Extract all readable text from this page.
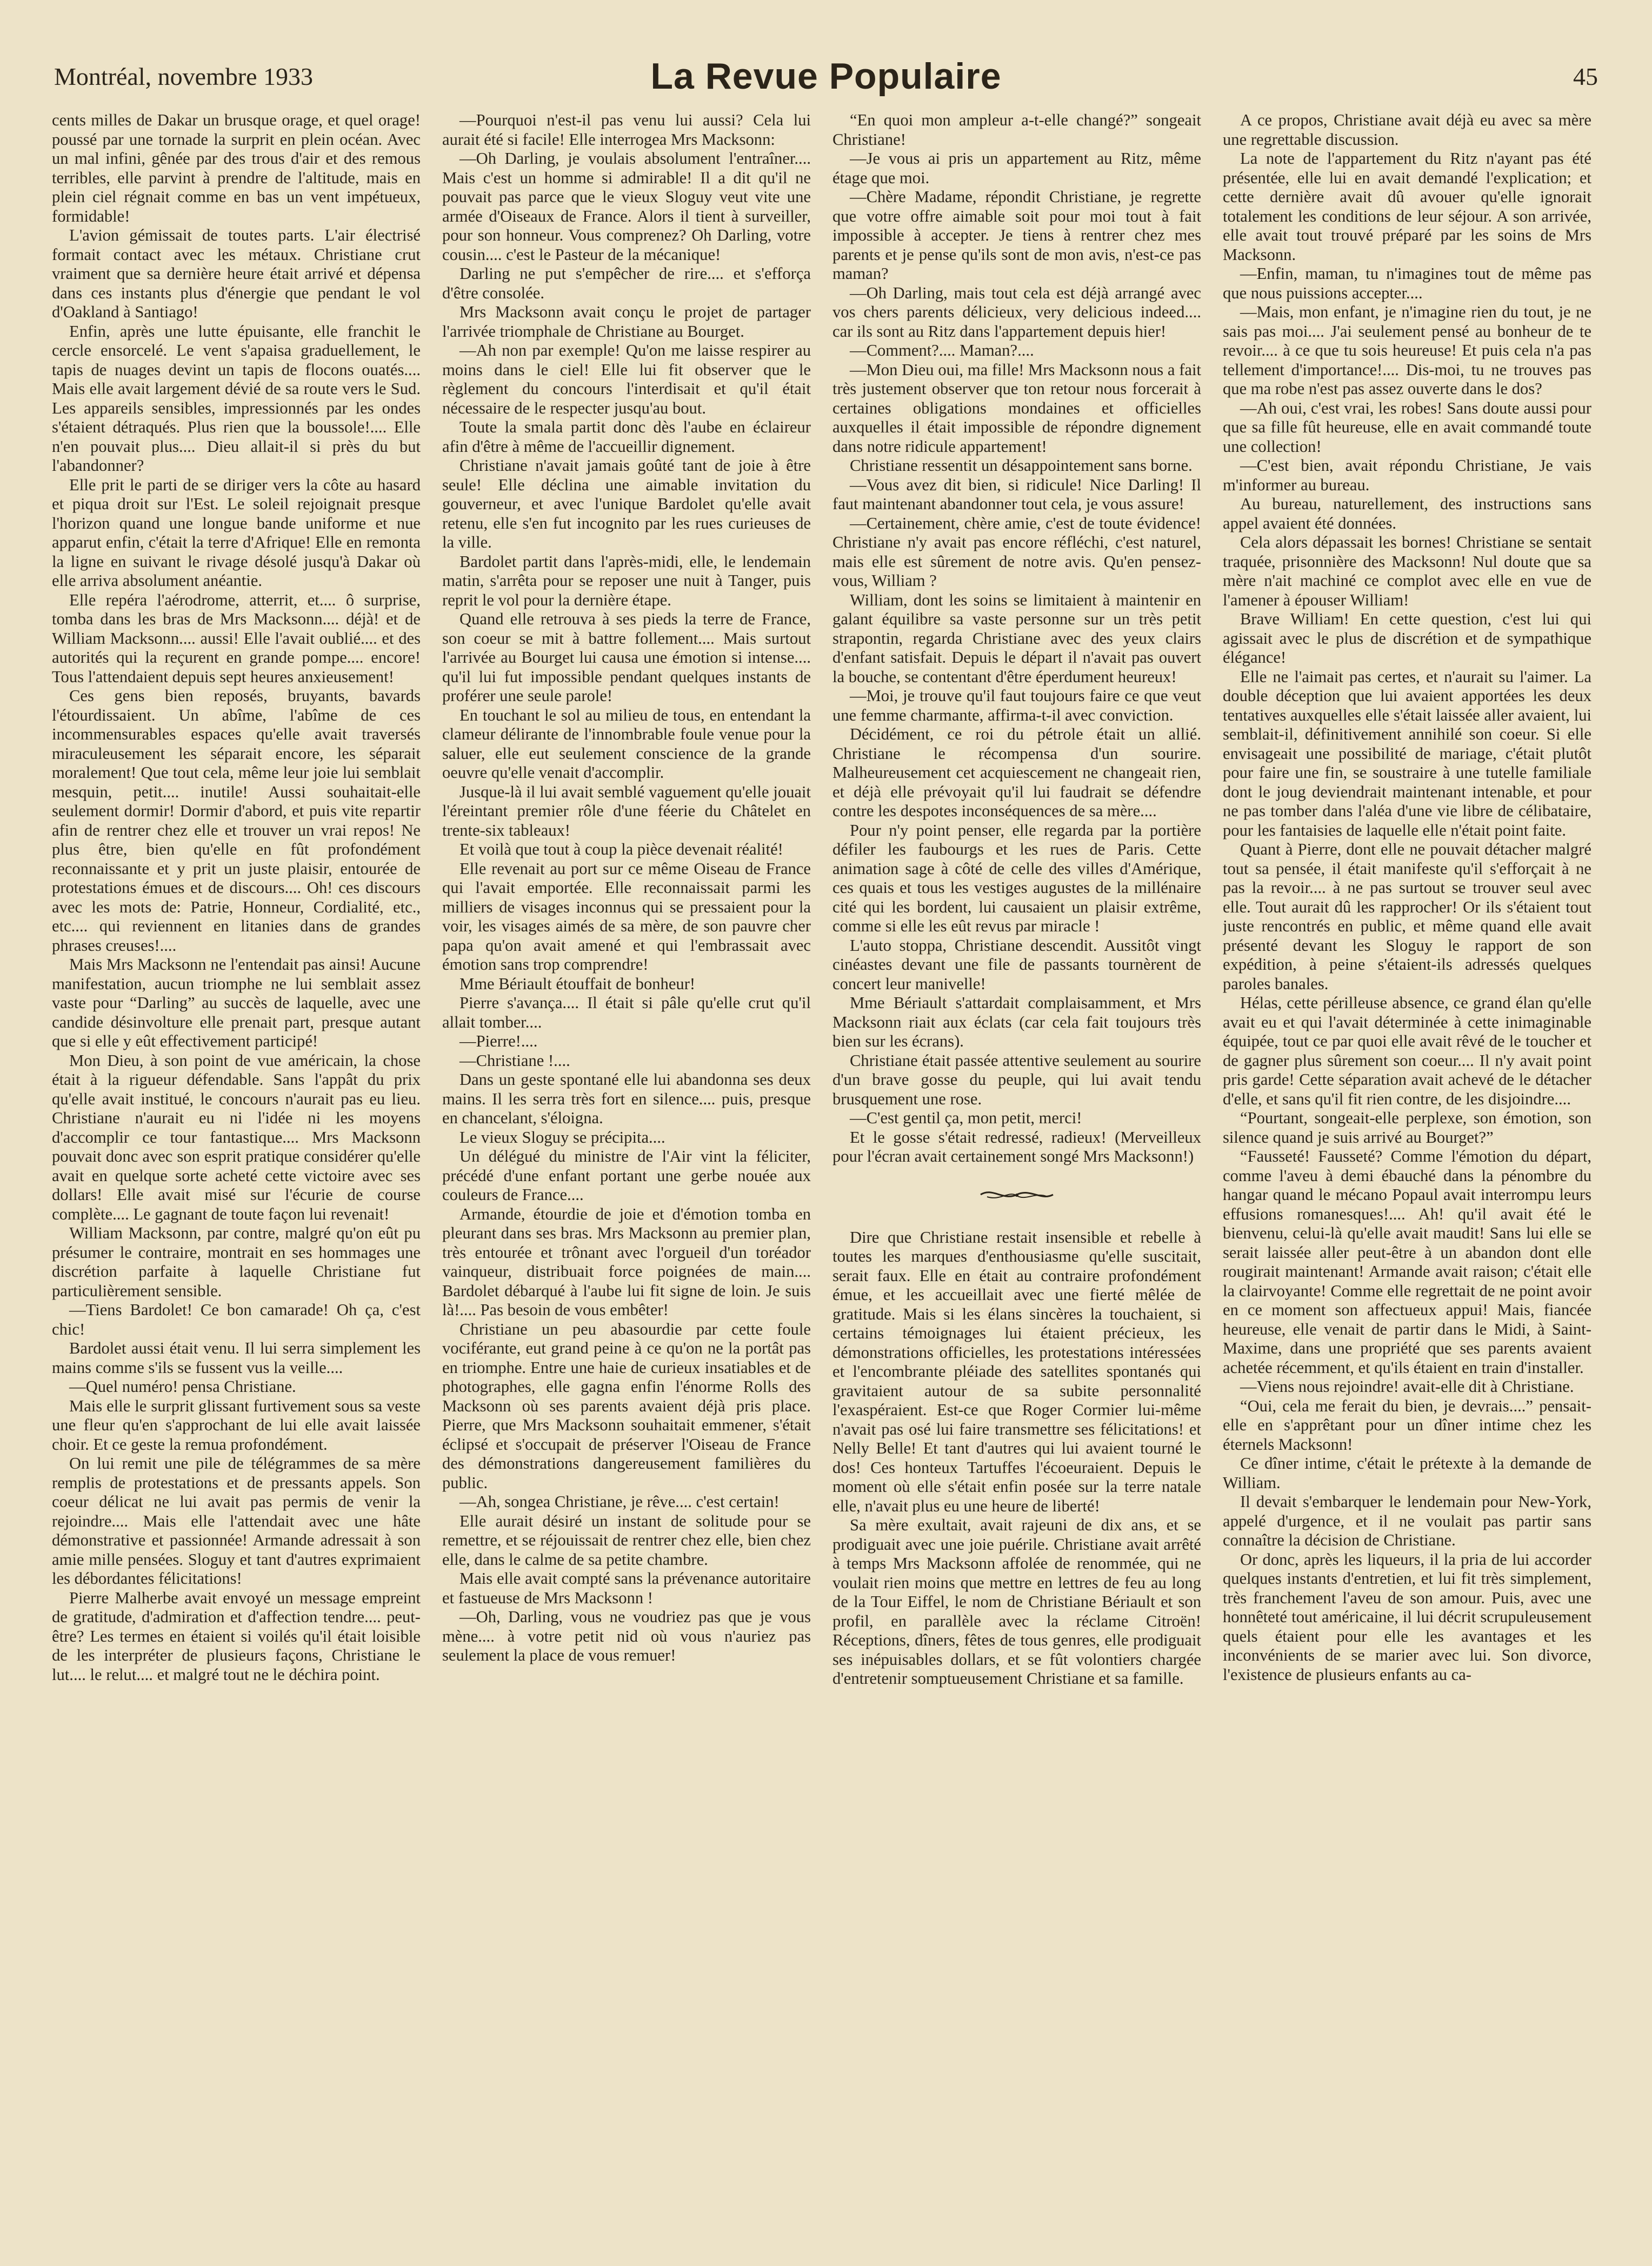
Montréal, novembre 1933	La Revue Populaire	45

cents milles de Dakar un brusque orage, et quel orage! poussé par une tornade la surprit en plein océan. Avec un mal infini, gênée par des trous d'air et des remous terribles, elle parvint à prendre de l'altitude, mais en plein ciel régnait comme en bas un vent impétueux, formidable!

L'avion gémissait de toutes parts. L'air électrisé formait contact avec les métaux. Christiane crut vraiment que sa dernière heure était arrivé et dépensa dans ces instants plus d'énergie que pendant le vol d'Oakland à Santiago!

Enfin, après une lutte épuisante, elle franchit le cercle ensorcelé. Le vent s'apaisa graduellement, le tapis de nuages devint un tapis de flocons ouatés.... Mais elle avait largement dévié de sa route vers le Sud. Les appareils sensibles, impressionnés par les ondes s'étaient détraqués. Plus rien que la boussole!.... Elle n'en pouvait plus.... Dieu allait-il si près du but l'abandonner?

Elle prit le parti de se diriger vers la côte au hasard et piqua droit sur l'Est. Le soleil rejoignait presque l'horizon quand une longue bande uniforme et nue apparut enfin, c'était la terre d'Afrique! Elle en remonta la ligne en suivant le rivage désolé jusqu'à Dakar où elle arriva absolument anéantie.

Elle repéra l'aérodrome, atterrit, et.... ô surprise, tomba dans les bras de Mrs Macksonn.... déjà! et de William Macksonn.... aussi! Elle l'avait oublié.... et des autorités qui la reçurent en grande pompe.... encore! Tous l'attendaient depuis sept heures anxieusement!

Ces gens bien reposés, bruyants, bavards l'étourdissaient. Un abîme, l'abîme de ces incommensurables espaces qu'elle avait traversés miraculeusement les séparait encore, les séparait moralement! Que tout cela, même leur joie lui semblait mesquin, petit.... inutile! Aussi souhaitait-elle seulement dormir! Dormir d'abord, et puis vite repartir afin de rentrer chez elle et trouver un vrai repos! Ne plus être, bien qu'elle en fût profondément reconnaissante et y prit un juste plaisir, entourée de protestations émues et de discours.... Oh! ces discours avec les mots de: Patrie, Honneur, Cordialité, etc., etc.... qui reviennent en litanies dans de grandes phrases creuses!....

Mais Mrs Macksonn ne l'entendait pas ainsi! Aucune manifestation, aucun triomphe ne lui semblait assez vaste pour “Darling” au succès de laquelle, avec une candide désinvolture elle prenait part, presque autant que si elle y eût effectivement participé!

Mon Dieu, à son point de vue américain, la chose était à la rigueur défendable. Sans l'appât du prix qu'elle avait institué, le concours n'aurait pas eu lieu. Christiane n'aurait eu ni l'idée ni les moyens d'accomplir ce tour fantastique.... Mrs Macksonn pouvait donc avec son esprit pratique considérer qu'elle avait en quelque sorte acheté cette victoire avec ses dollars! Elle avait misé sur l'écurie de course complète.... Le gagnant de toute façon lui revenait!

William Macksonn, par contre, malgré qu'on eût pu présumer le contraire, montrait en ses hommages une discrétion parfaite à laquelle Christiane fut particulièrement sensible.

—Tiens Bardolet! Ce bon camarade! Oh ça, c'est chic!

Bardolet aussi était venu. Il lui serra simplement les mains comme s'ils se fussent vus la veille....

—Quel numéro! pensa Christiane.

Mais elle le surprit glissant furtivement sous sa veste une fleur qu'en s'approchant de lui elle avait laissée choir. Et ce geste la remua profondément.

On lui remit une pile de télégrammes de sa mère remplis de protestations et de pressants appels. Son coeur délicat ne lui avait pas permis de venir la rejoindre.... Mais elle l'attendait avec une hâte démonstrative et passionnée! Armande adressait à son amie mille pensées. Sloguy et tant d'autres exprimaient les débordantes félicitations!

Pierre Malherbe avait envoyé un message empreint de gratitude, d'admiration et d'affection tendre.... peut-être? Les termes en étaient si voilés qu'il était loisible de les interpréter de plusieurs façons, Christiane le lut.... le relut.... et malgré tout ne le déchira point.

—Pourquoi n'est-il pas venu lui aussi? Cela lui aurait été si facile! Elle interrogea Mrs Macksonn:

—Oh Darling, je voulais absolument l'entraîner.... Mais c'est un homme si admirable! Il a dit qu'il ne pouvait pas parce que le vieux Sloguy veut vite une armée d'Oiseaux de France. Alors il tient à surveiller, pour son honneur. Vous comprenez? Oh Darling, votre cousin.... c'est le Pasteur de la mécanique!

Darling ne put s'empêcher de rire.... et s'efforça d'être consolée.

Mrs Macksonn avait conçu le projet de partager l'arrivée triomphale de Christiane au Bourget.

—Ah non par exemple! Qu'on me laisse respirer au moins dans le ciel! Elle lui fit observer que le règlement du concours l'interdisait et qu'il était nécessaire de le respecter jusqu'au bout.

Toute la smala partit donc dès l'aube en éclaireur afin d'être à même de l'accueillir dignement.

Christiane n'avait jamais goûté tant de joie à être seule! Elle déclina une aimable invitation du gouverneur, et avec l'unique Bardolet qu'elle avait retenu, elle s'en fut incognito par les rues curieuses de la ville.

Bardolet partit dans l'après-midi, elle, le lendemain matin, s'arrêta pour se reposer une nuit à Tanger, puis reprit le vol pour la dernière étape.

Quand elle retrouva à ses pieds la terre de France, son coeur se mit à battre follement.... Mais surtout l'arrivée au Bourget lui causa une émotion si intense.... qu'il lui fut impossible pendant quelques instants de proférer une seule parole!

En touchant le sol au milieu de tous, en entendant la clameur délirante de l'innombrable foule venue pour la saluer, elle eut seulement conscience de la grande oeuvre qu'elle venait d'accomplir.

Jusque-là il lui avait semblé vaguement qu'elle jouait l'éreintant premier rôle d'une féerie du Châtelet en trente-six tableaux!

Et voilà que tout à coup la pièce devenait réalité!

Elle revenait au port sur ce même Oiseau de France qui l'avait emportée. Elle reconnaissait parmi les milliers de visages inconnus qui se pressaient pour la voir, les visages aimés de sa mère, de son pauvre cher papa qu'on avait amené et qui l'embrassait avec émotion sans trop comprendre!

Mme Bériault étouffait de bonheur!

Pierre s'avança.... Il était si pâle qu'elle crut qu'il allait tomber....

—Pierre!....

—Christiane !....

Dans un geste spontané elle lui abandonna ses deux mains. Il les serra très fort en silence.... puis, presque en chancelant, s'éloigna.

Le vieux Sloguy se précipita....

Un délégué du ministre de l'Air vint la féliciter, précédé d'une enfant portant une gerbe nouée aux couleurs de France....

Armande, étourdie de joie et d'émotion tomba en pleurant dans ses bras. Mrs Macksonn au premier plan, très entourée et trônant avec l'orgueil d'un toréador vainqueur, distribuait force poignées de main.... Bardolet débarqué à l'aube lui fit signe de loin. Je suis là!.... Pas besoin de vous embêter!

Christiane un peu abasourdie par cette foule vociférante, eut grand peine à ce qu'on ne la portât pas en triomphe. Entre une haie de curieux insatiables et de photographes, elle gagna enfin l'énorme Rolls des Macksonn où ses parents avaient déjà pris place. Pierre, que Mrs Macksonn souhaitait emmener, s'était éclipsé et s'occupait de préserver l'Oiseau de France des démonstrations dangereusement familières du public.

—Ah, songea Christiane, je rêve.... c'est certain!

Elle aurait désiré un instant de solitude pour se remettre, et se réjouissait de rentrer chez elle, bien chez elle, dans le calme de sa petite chambre.

Mais elle avait compté sans la prévenance autoritaire et fastueuse de Mrs Macksonn !

—Oh, Darling, vous ne voudriez pas que je vous mène.... à votre petit nid où vous n'auriez pas seulement la place de vous remuer!

“En quoi mon ampleur a-t-elle changé?” songeait Christiane!

—Je vous ai pris un appartement au Ritz, même étage que moi.

—Chère Madame, répondit Christiane, je regrette que votre offre aimable soit pour moi tout à fait impossible à accepter. Je tiens à rentrer chez mes parents et je pense qu'ils sont de mon avis, n'est-ce pas maman?

—Oh Darling, mais tout cela est déjà arrangé avec vos chers parents délicieux, very delicious indeed.... car ils sont au Ritz dans l'appartement depuis hier!

—Comment?.... Maman?....

—Mon Dieu oui, ma fille! Mrs Macksonn nous a fait très justement observer que ton retour nous forcerait à certaines obligations mondaines et officielles auxquelles il était impossible de répondre dignement dans notre ridicule appartement!

Christiane ressentit un désappointement sans borne.

—Vous avez dit bien, si ridicule! Nice Darling! Il faut maintenant abandonner tout cela, je vous assure!

—Certainement, chère amie, c'est de toute évidence! Christiane n'y avait pas encore réfléchi, c'est naturel, mais elle est sûrement de notre avis. Qu'en pensez-vous, William ?

William, dont les soins se limitaient à maintenir en galant équilibre sa vaste personne sur un très petit strapontin, regarda Christiane avec des yeux clairs d'enfant satisfait. Depuis le départ il n'avait pas ouvert la bouche, se contentant d'être éperdument heureux!

—Moi, je trouve qu'il faut toujours faire ce que veut une femme charmante, affirma-t-il avec conviction.

Décidément, ce roi du pétrole était un allié. Christiane le récompensa d'un sourire. Malheureusement cet acquiescement ne changeait rien, et déjà elle prévoyait qu'il lui faudrait se défendre contre les despotes inconséquences de sa mère....

Pour n'y point penser, elle regarda par la portière défiler les faubourgs et les rues de Paris. Cette animation sage à côté de celle des villes d'Amérique, ces quais et tous les vestiges augustes de la millénaire cité qui les bordent, lui causaient un plaisir extrême, comme si elle les eût revus par miracle !

L'auto stoppa, Christiane descendit. Aussitôt vingt cinéastes devant une file de passants tournèrent de concert leur manivelle!

Mme Bériault s'attardait complaisamment, et Mrs Macksonn riait aux éclats (car cela fait toujours très bien sur les écrans).

Christiane était passée attentive seulement au sourire d'un brave gosse du peuple, qui lui avait tendu brusquement une rose.

—C'est gentil ça, mon petit, merci!

Et le gosse s'était redressé, radieux! (Merveilleux pour l'écran avait certainement songé Mrs Macksonn!)

Dire que Christiane restait insensible et rebelle à toutes les marques d'enthousiasme qu'elle suscitait, serait faux. Elle en était au contraire profondément émue, et les accueillait avec une fierté mêlée de gratitude. Mais si les élans sincères la touchaient, si certains témoignages lui étaient précieux, les démonstrations officielles, les protestations intéressées et l'encombrante pléiade des satellites spontanés qui gravitaient autour de sa subite personnalité l'exaspéraient. Est-ce que Roger Cormier lui-même n'avait pas osé lui faire transmettre ses félicitations! et Nelly Belle! Et tant d'autres qui lui avaient tourné le dos! Ces honteux Tartuffes l'écoeuraient. Depuis le moment où elle s'était enfin posée sur la terre natale elle, n'avait plus eu une heure de liberté!

Sa mère exultait, avait rajeuni de dix ans, et se prodiguait avec une joie puérile. Christiane avait arrêté à temps Mrs Macksonn affolée de renommée, qui ne voulait rien moins que mettre en lettres de feu au long de la Tour Eiffel, le nom de Christiane Bériault et son profil, en parallèle avec la réclame Citroën! Réceptions, dîners, fêtes de tous genres, elle prodiguait ses inépuisables dollars, et se fût volontiers chargée d'entretenir somptueusement Christiane et sa famille.

A ce propos, Christiane avait déjà eu avec sa mère une regrettable discussion.

La note de l'appartement du Ritz n'ayant pas été présentée, elle lui en avait demandé l'explication; et cette dernière avait dû avouer qu'elle ignorait totalement les conditions de leur séjour. A son arrivée, elle avait tout trouvé préparé par les soins de Mrs Macksonn.

—Enfin, maman, tu n'imagines tout de même pas que nous puissions accepter....

—Mais, mon enfant, je n'imagine rien du tout, je ne sais pas moi.... J'ai seulement pensé au bonheur de te revoir.... à ce que tu sois heureuse! Et puis cela n'a pas tellement d'importance!.... Dis-moi, tu ne trouves pas que ma robe n'est pas assez ouverte dans le dos?

—Ah oui, c'est vrai, les robes! Sans doute aussi pour que sa fille fût heureuse, elle en avait commandé toute une collection!

—C'est bien, avait répondu Christiane, Je vais m'informer au bureau.

Au bureau, naturellement, des instructions sans appel avaient été données.

Cela alors dépassait les bornes! Christiane se sentait traquée, prisonnière des Macksonn! Nul doute que sa mère n'ait machiné ce complot avec elle en vue de l'amener à épouser William!

Brave William! En cette question, c'est lui qui agissait avec le plus de discrétion et de sympathique élégance!

Elle ne l'aimait pas certes, et n'aurait su l'aimer. La double déception que lui avaient apportées les deux tentatives auxquelles elle s'était laissée aller avaient, lui semblait-il, définitivement annihilé son coeur. Si elle envisageait une possibilité de mariage, c'était plutôt pour faire une fin, se soustraire à une tutelle familiale dont le joug deviendrait maintenant intenable, et pour ne pas tomber dans l'aléa d'une vie libre de célibataire, pour les fantaisies de laquelle elle n'était point faite.

Quant à Pierre, dont elle ne pouvait détacher malgré tout sa pensée, il était manifeste qu'il s'efforçait à ne pas la revoir.... à ne pas surtout se trouver seul avec elle. Tout aurait dû les rapprocher! Or ils s'étaient tout juste rencontrés en public, et même quand elle avait présenté devant les Sloguy le rapport de son expédition, à peine s'étaient-ils adressés quelques paroles banales.

Hélas, cette périlleuse absence, ce grand élan qu'elle avait eu et qui l'avait déterminée à cette inimaginable équipée, tout ce par quoi elle avait rêvé de le toucher et de gagner plus sûrement son coeur.... Il n'y avait point pris garde! Cette séparation avait achevé de le détacher d'elle, et sans qu'il fit rien contre, de les disjoindre....

“Pourtant, songeait-elle perplexe, son émotion, son silence quand je suis arrivé au Bourget?”

“Fausseté! Fausseté? Comme l'émotion du départ, comme l'aveu à demi ébauché dans la pénombre du hangar quand le mécano Popaul avait interrompu leurs effusions romanesques!.... Ah! qu'il avait été le bienvenu, celui-là qu'elle avait maudit! Sans lui elle se serait laissée aller peut-être à un abandon dont elle rougirait maintenant! Armande avait raison; c'était elle la clairvoyante! Comme elle regrettait de ne point avoir en ce moment son affectueux appui! Mais, fiancée heureuse, elle venait de partir dans le Midi, à Saint-Maxime, dans une propriété que ses parents avaient achetée récemment, et qu'ils étaient en train d'installer.

—Viens nous rejoindre! avait-elle dit à Christiane.

“Oui, cela me ferait du bien, je devrais....” pensait-elle en s'apprêtant pour un dîner intime chez les éternels Macksonn!

Ce dîner intime, c'était le prétexte à la demande de William.

Il devait s'embarquer le lendemain pour New-York, appelé d'urgence, et il ne voulait pas partir sans connaître la décision de Christiane.

Or donc, après les liqueurs, il la pria de lui accorder quelques instants d'entretien, et lui fit très simplement, très franchement l'aveu de son amour. Puis, avec une honnêteté tout américaine, il lui décrit scrupuleusement quels étaient pour elle les avantages et les inconvénients de se marier avec lui. Son divorce, l'existence de plusieurs enfants au ca-
